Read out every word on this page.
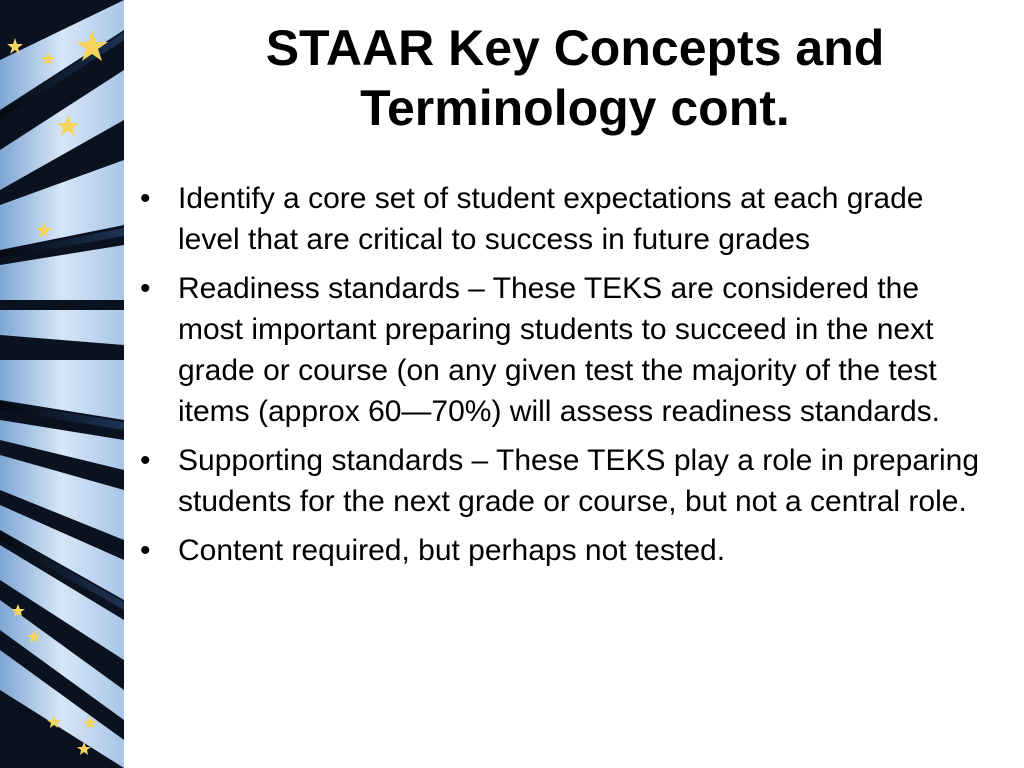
STAAR Key Concepts and Terminology cont.
• Identify a core set of student expectations at each grade level that are critical to success in future grades
• Readiness standards – These TEKS are considered the most important preparing students to succeed in the next grade or course (on any given test the majority of the test items (approx 60—70%) will assess readiness standards.
• Supporting standards – These TEKS play a role in preparing students for the next grade or course, but not a central role.
• Content required, but perhaps not tested.
